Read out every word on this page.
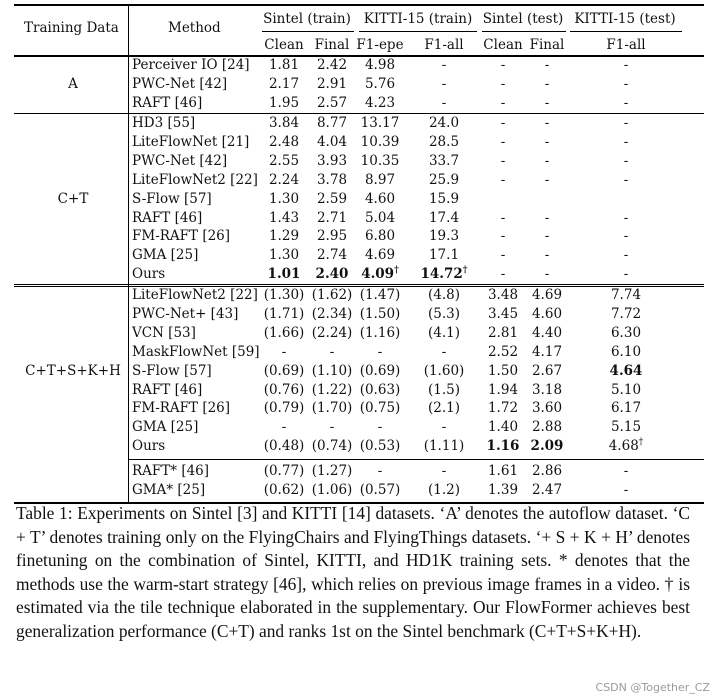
Training Data	Method
Sintel (train) KITTI-15 (train) Sintel (test) KITTI-15 (test)
Clean Final F1-epe F1-all Clean Final	F1-all
A
Perceiver IO [24] 1.81 2.42 4.98	-	-	-	-
PWC-Net [42]	2.17 2.91 5.76	-	-	-	-
RAFT [46]	1.95 2.57 4.23	-	-	-	-
C+T
HD3 [55]	3.84 8.77 13.17 24.0	-	-	-
LiteFlowNet [21] 2.48 4.04 10.39 28.5	-	-	-
PWC-Net [42]	2.55 3.93 10.35 33.7	-	-	-
LiteFlowNet2 [22] 2.24 3.78 8.97	25.9	-	-	-
S-Flow [57]	1.30 2.59 4.60	15.9
RAFT [46]	1.43 2.71 5.04	17.4	-	-	-
FM-RAFT [26]	1.29 2.95 6.80	19.3	-	-	-
GMA [25]	1.30 2.74 4.69	17.1	-	-	-
Ours	1.01 2.40 4.09† 14.72† -	-	-
C+T+S+K+H
LiteFlowNet2 [22] (1.30) (1.62) (1.47) (4.8) 3.48 4.69	7.74
PWC-Net+ [43] (1.71) (2.34) (1.50) (5.3) 3.45 4.60	7.72
VCN [53]	(1.66) (2.24) (1.16) (4.1) 2.81 4.40	6.30
MaskFlowNet [59] -	-	-	-	2.52 4.17	6.10
S-Flow [57]	(0.69) (1.10) (0.69) (1.60) 1.50 2.67	4.64
RAFT [46]	(0.76) (1.22) (0.63) (1.5) 1.94 3.18	5.10
FM-RAFT [26] (0.79) (1.70) (0.75) (2.1) 1.72 3.60	6.17
GMA [25]	-	-	-	-	1.40 2.88	5.15
Ours	(0.48) (0.74) (0.53) (1.11) 1.16 2.09	4.68†
RAFT* [46]	(0.77) (1.27) -	-	1.61 2.86	-
GMA* [25]	(0.62) (1.06) (0.57) (1.2) 1.39 2.47	-
Table 1: Experiments on Sintel [3] and KITTI [14] datasets. ‘A’ denotes the autoflow dataset. ‘C + T’ denotes training only on the FlyingChairs and FlyingThings datasets. ‘+ S + K + H’ denotes finetuning on the combination of Sintel, KITTI, and HD1K training sets. * denotes that the methods use the warm-start strategy [46], which relies on previous image frames in a video. † is estimated via the tile technique elaborated in the supplementary. Our FlowFormer achieves best generalization performance (C+T) and ranks 1st on the Sintel benchmark (C+T+S+K+H).
CSDN @Together_CZ
